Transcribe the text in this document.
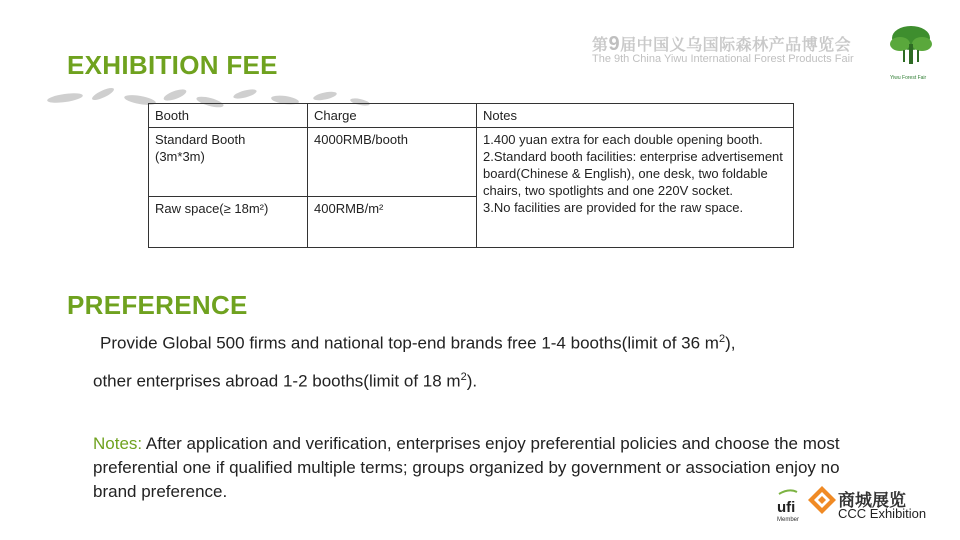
EXHIBITION FEE
第9届中国义乌国际森林产品博览会
The 9th China Yiwu International Forest Products Fair
Yiwu Forest Fair
Booth	Charge	Notes

Standard Booth
(3m*3m)	4000RMB/booth	1.400 yuan extra for each double opening booth.
2.Standard booth facilities: enterprise advertisement board(Chinese & English), one desk, two foldable chairs, two spotlights and one 220V socket.
3.No facilities are provided for the raw space.

Raw space(≥ 18m²)	400RMB/m²	
PREFERENCE
Provide Global 500 firms and national top-end brands free 1-4 booths(limit of 36 $m^2$),
other enterprises abroad 1-2 booths(limit of 18 $m^2$).
Notes: After application and verification, enterprises enjoy preferential policies and choose the most preferential one if qualified multiple terms; groups organized by government or association enjoy no brand preference.
ufi
Member
商城展览
CCC Exhibition
